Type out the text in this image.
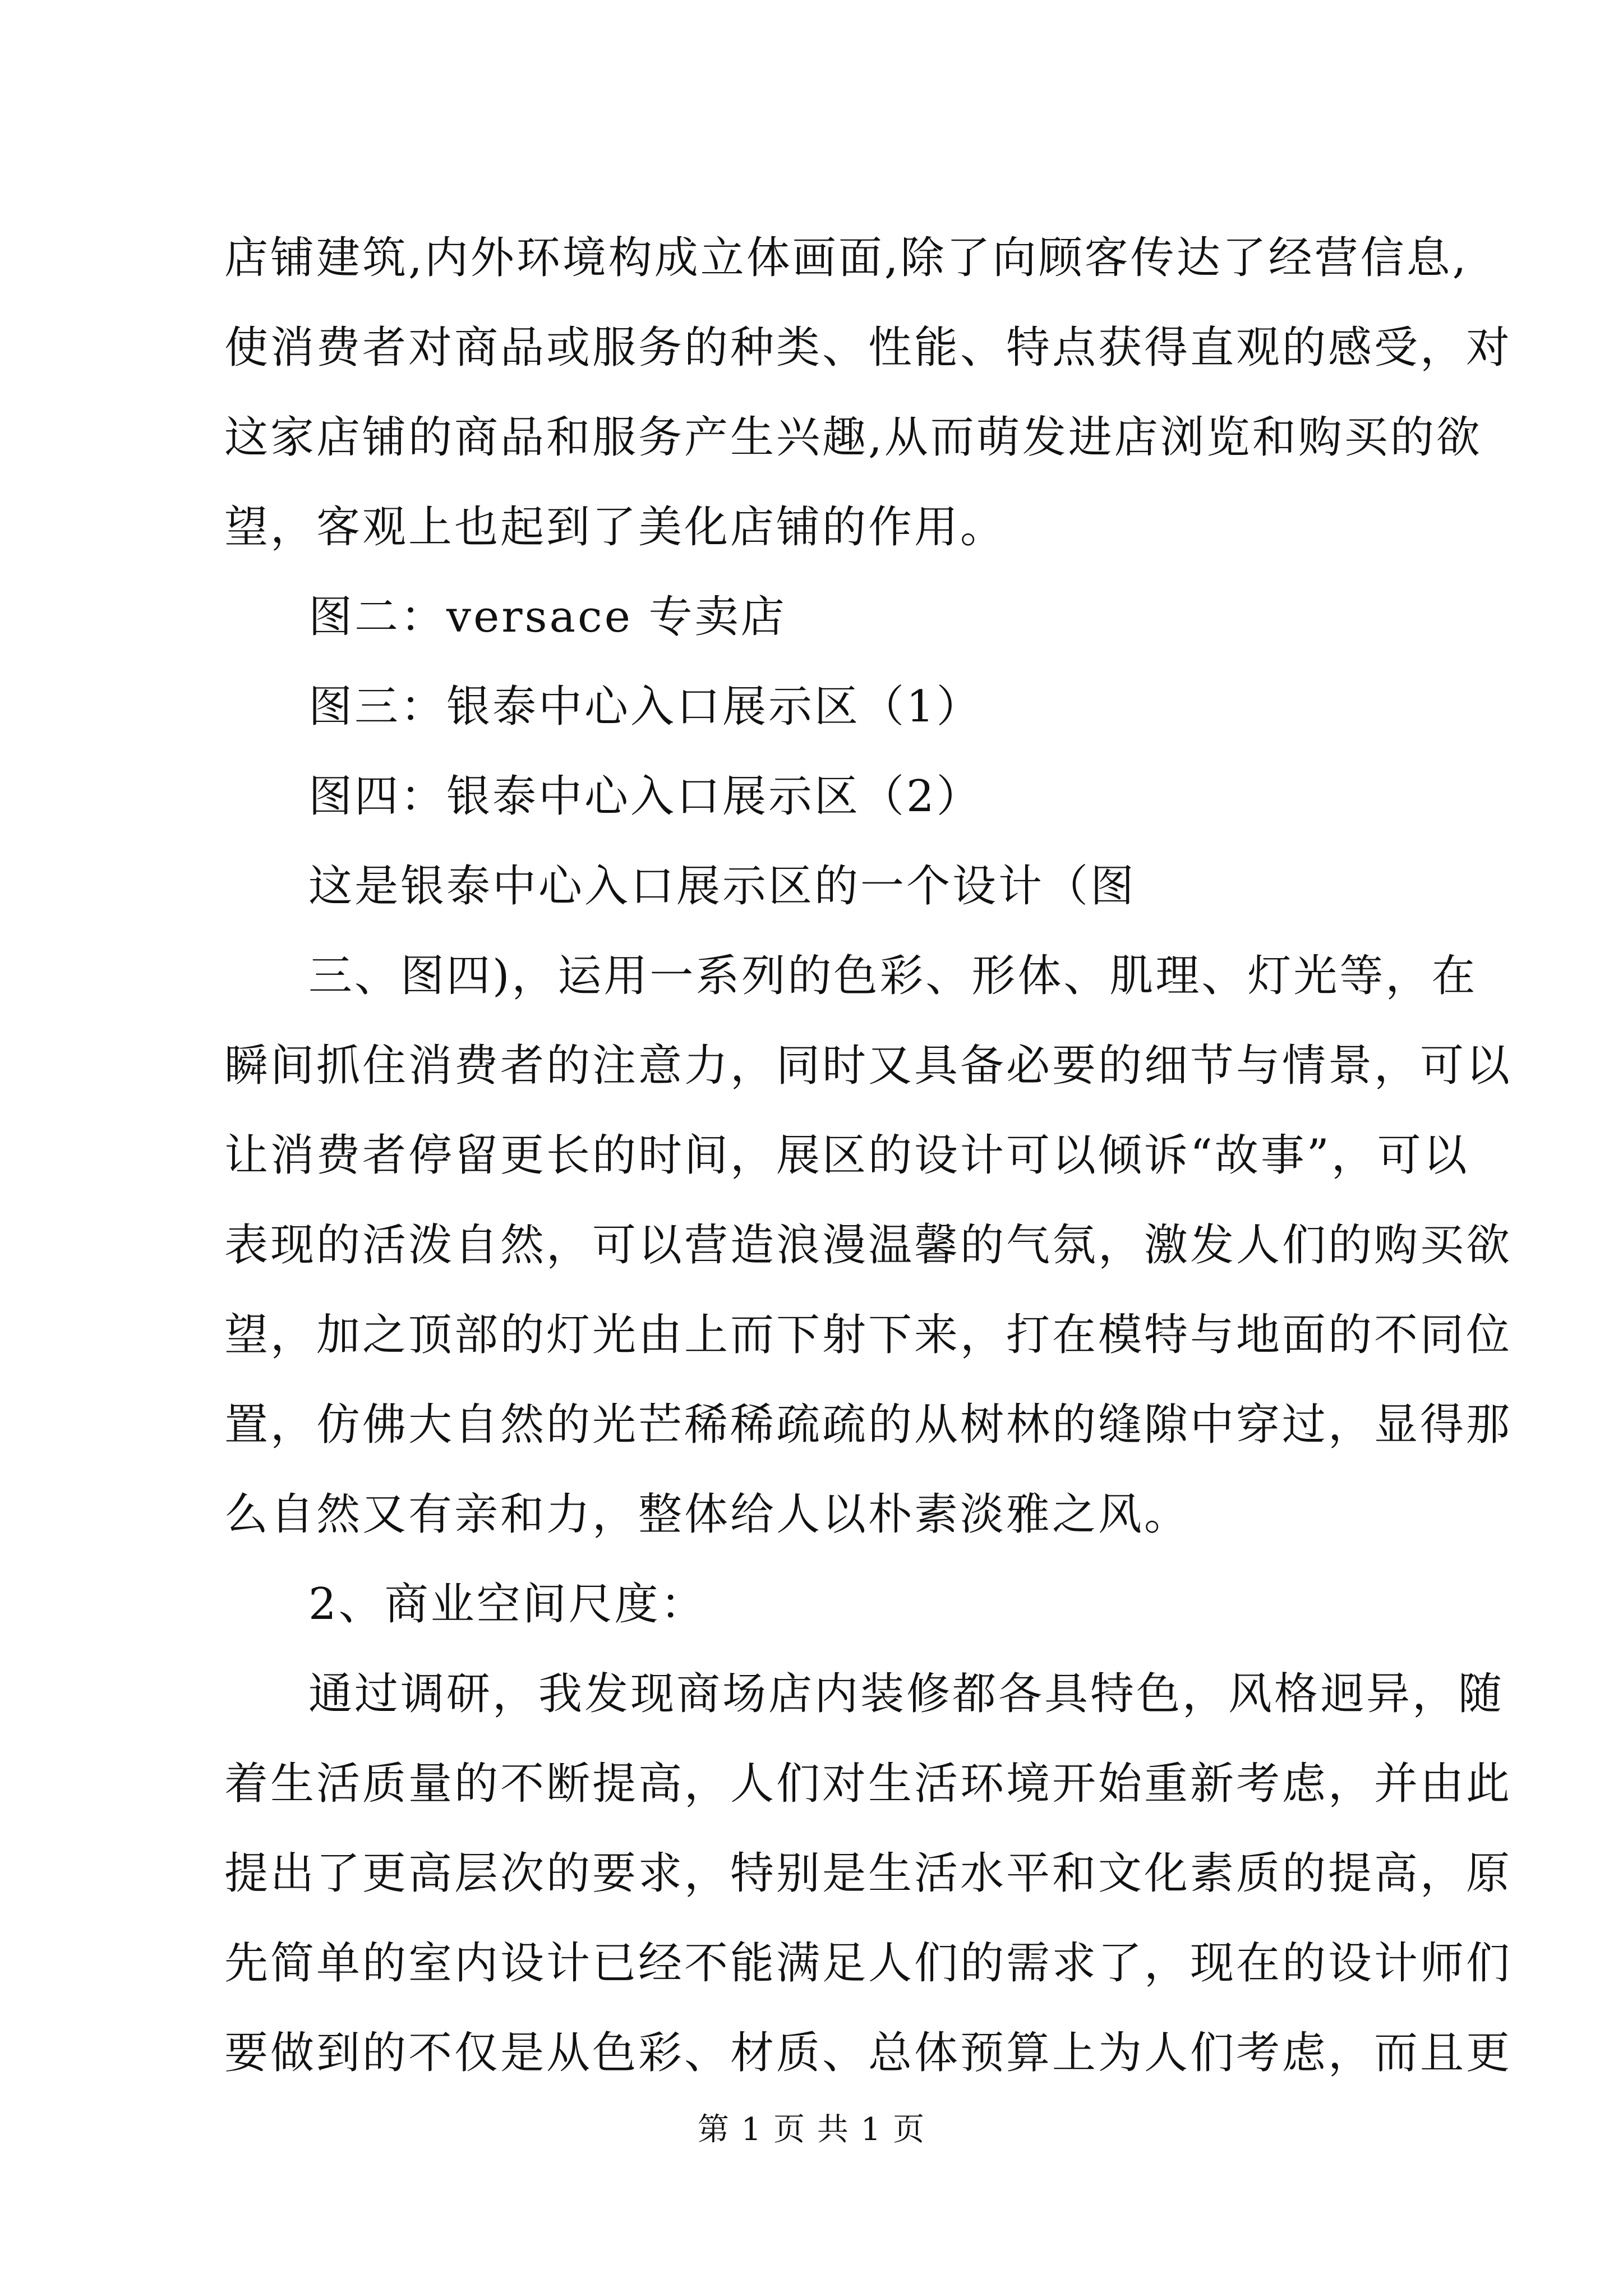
店铺建筑,内外环境构成立体画面,除了向顾客传达了经营信息,
使消费者对商品或服务的种类、性能、特点获得直观的感受，对
这家店铺的商品和服务产生兴趣,从而萌发进店浏览和购买的欲
望，客观上也起到了美化店铺的作用。
图二：versace 专卖店
图三：银泰中心入口展示区（1）
图四：银泰中心入口展示区（2）
这是银泰中心入口展示区的一个设计（图
三、图四)，运用一系列的色彩、形体、肌理、灯光等，在
瞬间抓住消费者的注意力，同时又具备必要的细节与情景，可以
让消费者停留更长的时间，展区的设计可以倾诉“故事”，可以
表现的活泼自然，可以营造浪漫温馨的气氛，激发人们的购买欲
望，加之顶部的灯光由上而下射下来，打在模特与地面的不同位
置，仿佛大自然的光芒稀稀疏疏的从树林的缝隙中穿过，显得那
么自然又有亲和力，整体给人以朴素淡雅之风。
2、商业空间尺度：
通过调研，我发现商场店内装修都各具特色，风格迥异，随
着生活质量的不断提高，人们对生活环境开始重新考虑，并由此
提出了更高层次的要求，特别是生活水平和文化素质的提高，原
先简单的室内设计已经不能满足人们的需求了，现在的设计师们
要做到的不仅是从色彩、材质、总体预算上为人们考虑，而且更
第 1 页 共 1 页
